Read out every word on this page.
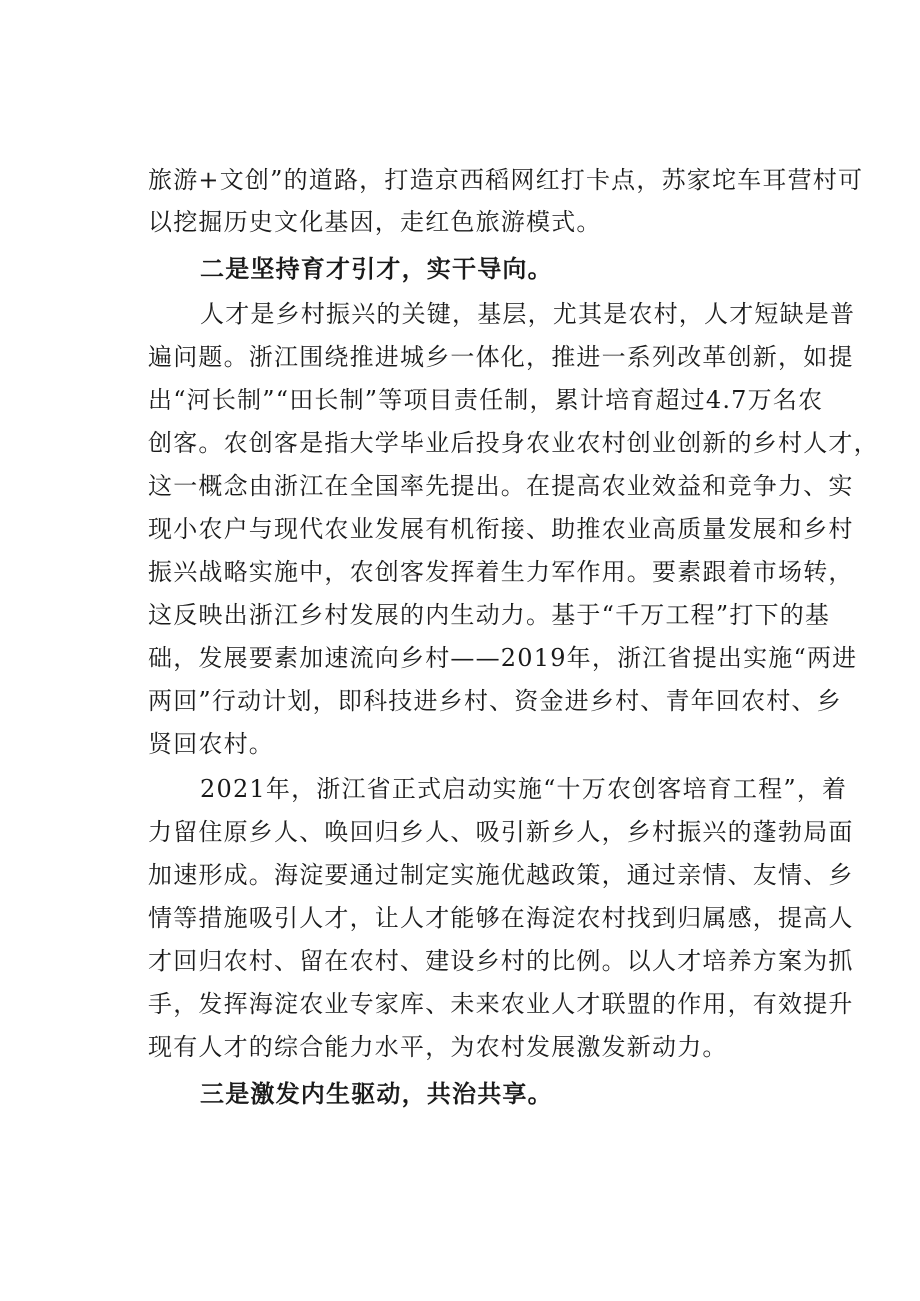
旅游+文创”的道路，打造京西稻网红打卡点，苏家坨车耳营村可
以挖掘历史文化基因，走红色旅游模式。
二是坚持育才引才，实干导向。
人才是乡村振兴的关键，基层，尤其是农村，人才短缺是普
遍问题。浙江围绕推进城乡一体化，推进一系列改革创新，如提
出“河长制”“田长制”等项目责任制，累计培育超过4.7万名农
创客。农创客是指大学毕业后投身农业农村创业创新的乡村人才，
这一概念由浙江在全国率先提出。在提高农业效益和竞争力、实
现小农户与现代农业发展有机衔接、助推农业高质量发展和乡村
振兴战略实施中，农创客发挥着生力军作用。要素跟着市场转，
这反映出浙江乡村发展的内生动力。基于“千万工程”打下的基
础，发展要素加速流向乡村——2019年，浙江省提出实施“两进
两回”行动计划，即科技进乡村、资金进乡村、青年回农村、乡
贤回农村。
2021年，浙江省正式启动实施“十万农创客培育工程”，着
力留住原乡人、唤回归乡人、吸引新乡人，乡村振兴的蓬勃局面
加速形成。海淀要通过制定实施优越政策，通过亲情、友情、乡
情等措施吸引人才，让人才能够在海淀农村找到归属感，提高人
才回归农村、留在农村、建设乡村的比例。以人才培养方案为抓
手，发挥海淀农业专家库、未来农业人才联盟的作用，有效提升
现有人才的综合能力水平，为农村发展激发新动力。
三是激发内生驱动，共治共享。
